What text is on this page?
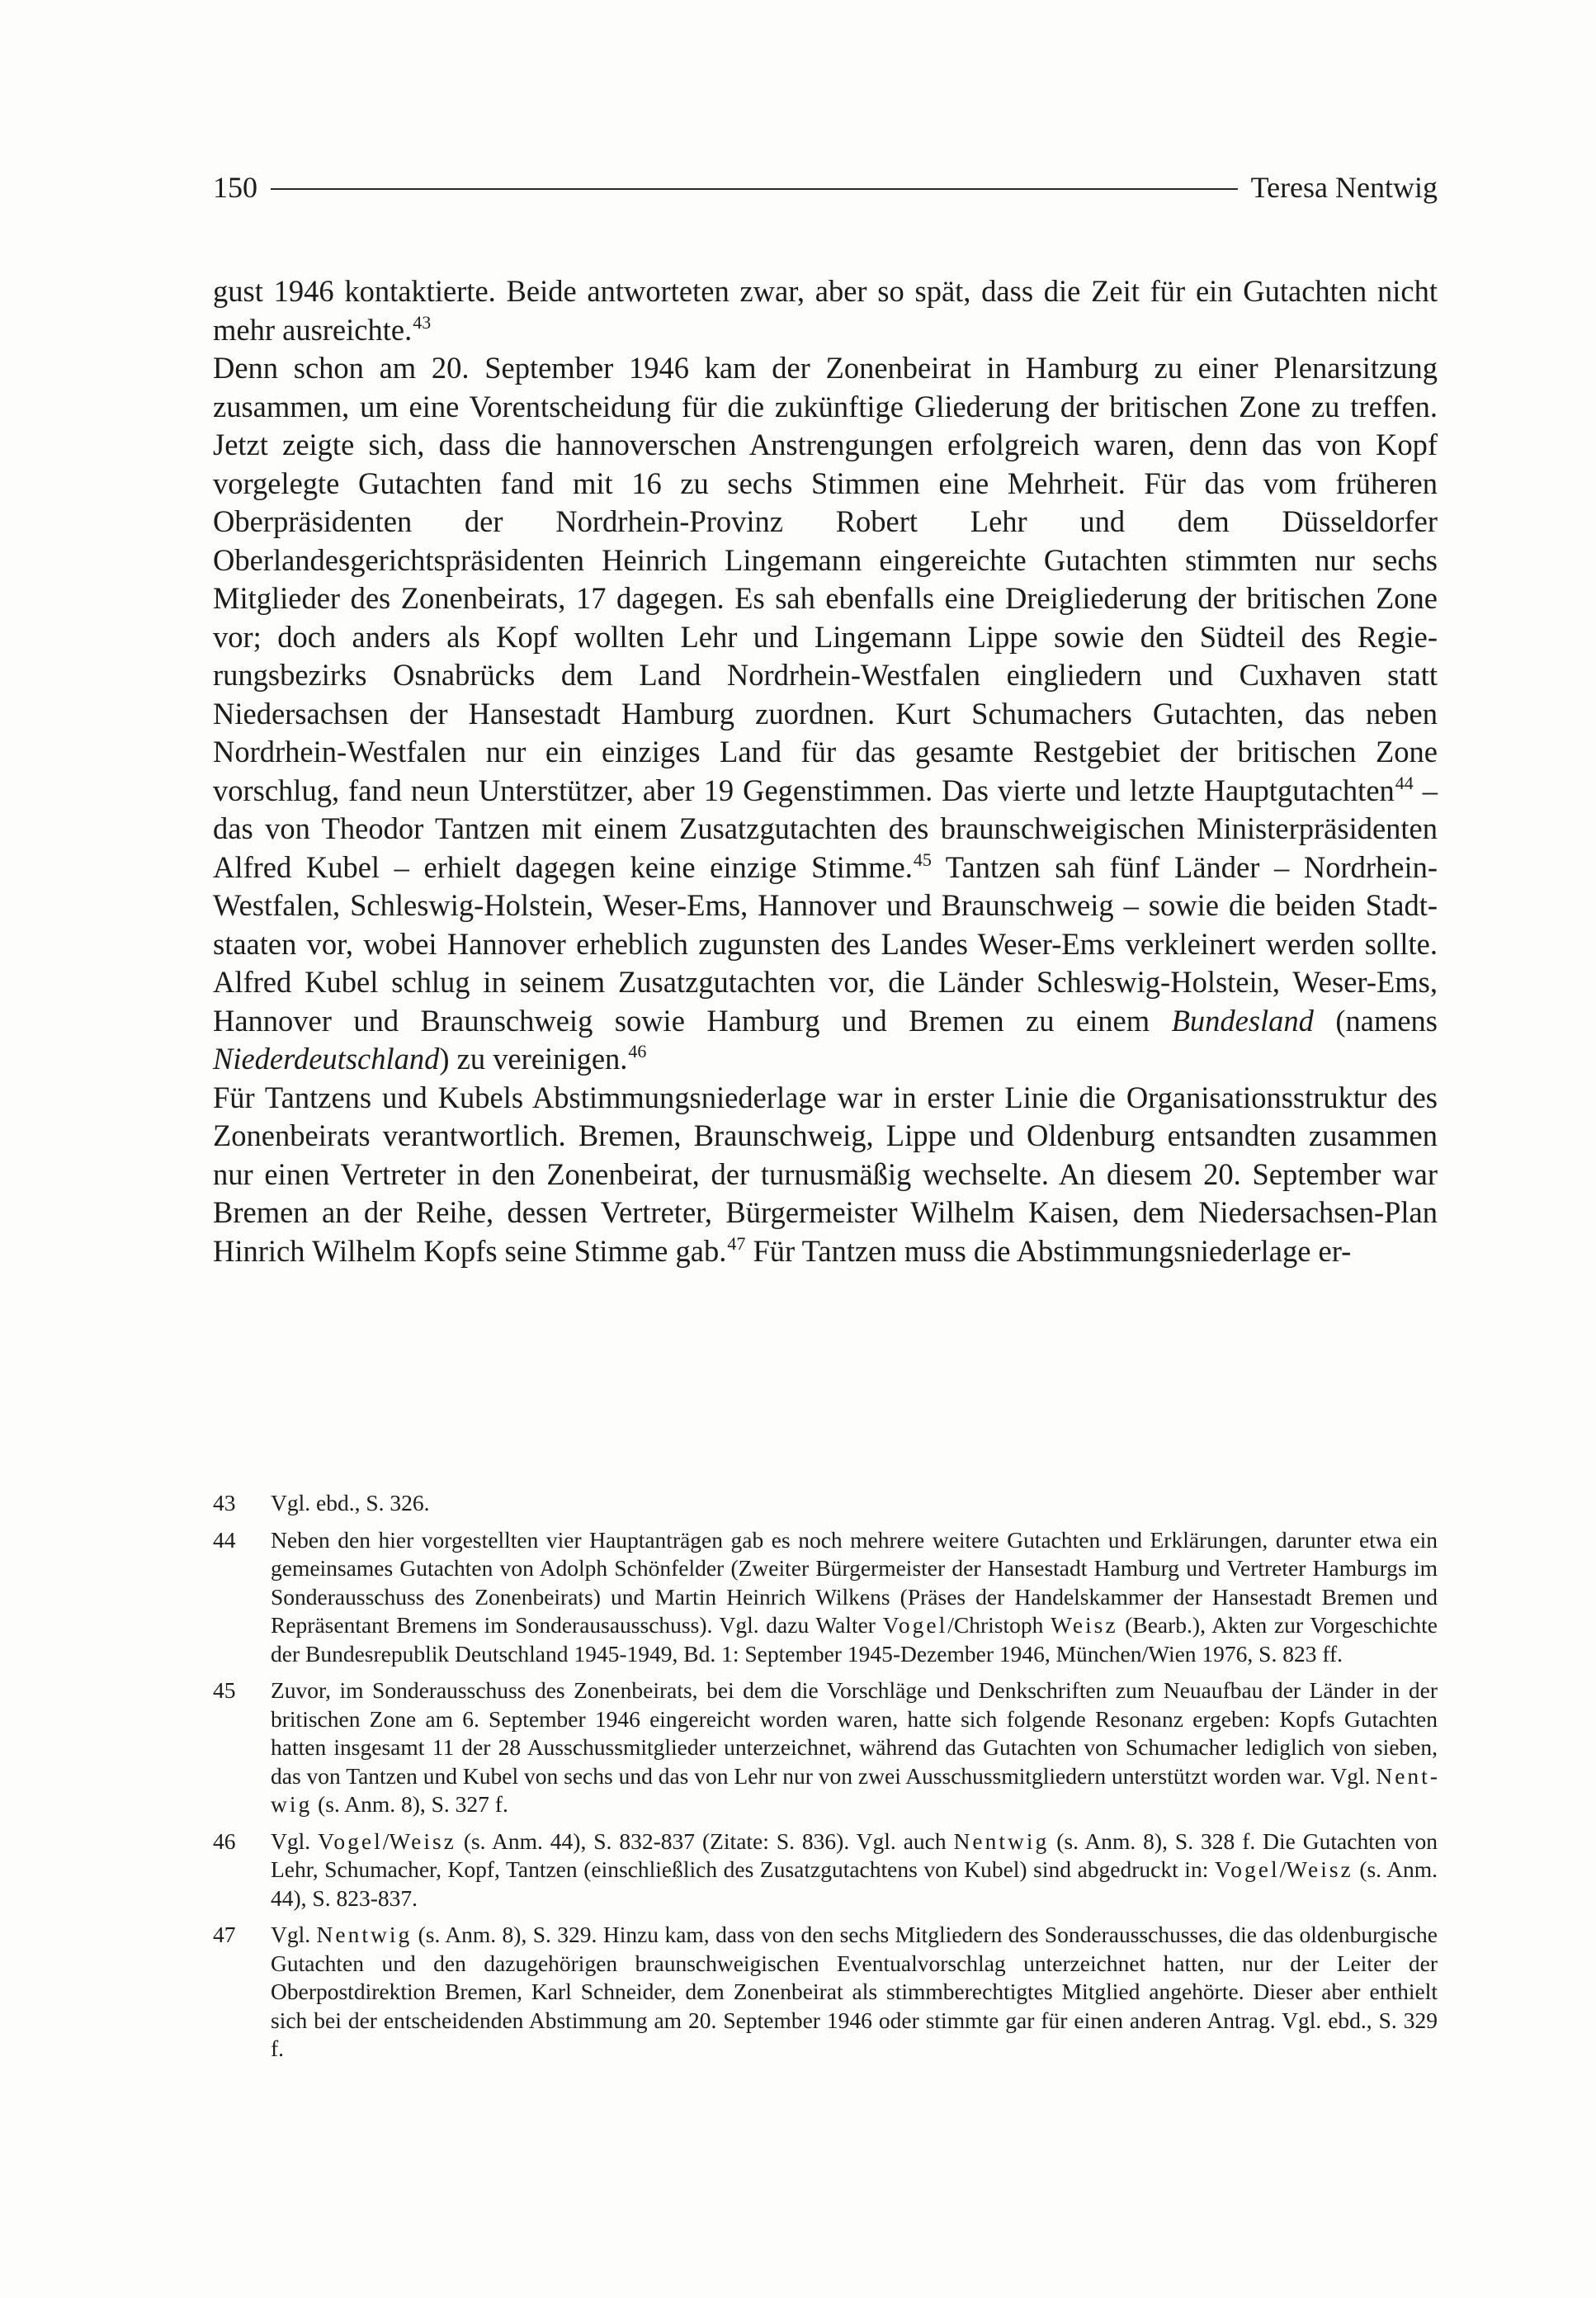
150	Teresa Nentwig

gust 1946 kontaktierte. Beide antworteten zwar, aber so spät, dass die Zeit für ein Gutachten nicht mehr ausreichte.$^{43}$

Denn schon am 20. September 1946 kam der Zonenbeirat in Hamburg zu einer Plenarsitzung zusammen, um eine Vorentscheidung für die zukünftige Gliederung der britischen Zone zu treffen. Jetzt zeigte sich, dass die hannoverschen Anstrengungen erfolgreich waren, denn das von Kopf vorgelegte Gutachten fand mit 16 zu sechs Stimmen eine Mehrheit. Für das vom früheren Oberpräsidenten der Nordrhein-Provinz Robert Lehr und dem Düsseldorfer Oberlandesgerichtspräsidenten Heinrich Lingemann eingereichte Gutachten stimmten nur sechs Mitglieder des Zonenbeirats, 17 dagegen. Es sah ebenfalls eine Dreigliederung der britischen Zone vor; doch anders als Kopf wollten Lehr und Lingemann Lippe sowie den Südteil des Regierungsbezirks Osnabrücks dem Land Nordrhein-Westfalen eingliedern und Cuxhaven statt Niedersachsen der Hansestadt Hamburg zuordnen. Kurt Schumachers Gutachten, das neben Nordrhein-Westfalen nur ein einziges Land für das gesamte Restgebiet der britischen Zone vorschlug, fand neun Unterstützer, aber 19 Gegenstimmen. Das vierte und letzte Hauptgutachten$^{44}$ – das von Theodor Tantzen mit einem Zusatzgutachten des braunschweigischen Ministerpräsidenten Alfred Kubel – erhielt dagegen keine einzige Stimme.$^{45}$ Tantzen sah fünf Länder – Nordrhein-Westfalen, Schleswig-Holstein, Weser-Ems, Hannover und Braunschweig – sowie die beiden Stadtstaaten vor, wobei Hannover erheblich zugunsten des Landes Weser-Ems verkleinert werden sollte. Alfred Kubel schlug in seinem Zusatzgutachten vor, die Länder Schleswig-Holstein, Weser-Ems, Hannover und Braunschweig sowie Hamburg und Bremen zu einem Bundesland (namens Niederdeutschland) zu vereinigen.$^{46}$

Für Tantzens und Kubels Abstimmungsniederlage war in erster Linie die Organisationsstruktur des Zonenbeirats verantwortlich. Bremen, Braunschweig, Lippe und Oldenburg entsandten zusammen nur einen Vertreter in den Zonenbeirat, der turnusmäßig wechselte. An diesem 20. September war Bremen an der Reihe, dessen Vertreter, Bürgermeister Wilhelm Kaisen, dem Niedersachsen-Plan Hinrich Wilhelm Kopfs seine Stimme gab.$^{47}$ Für Tantzen muss die Abstimmungsniederlage er-

43	Vgl. ebd., S. 326.
44	Neben den hier vorgestellten vier Hauptanträgen gab es noch mehrere weitere Gutachten und Erklärungen, darunter etwa ein gemeinsames Gutachten von Adolph Schönfelder (Zweiter Bürgermeister der Hansestadt Hamburg und Vertreter Hamburgs im Sonderausschuss des Zonenbeirats) und Martin Heinrich Wilkens (Präses der Handelskammer der Hansestadt Bremen und Repräsentant Bremens im Sonderausausschuss). Vgl. dazu Walter Vogel/Christoph Weisz (Bearb.), Akten zur Vorgeschichte der Bundesrepublik Deutschland 1945-1949, Bd. 1: September 1945-Dezember 1946, München/Wien 1976, S. 823 ff.
45	Zuvor, im Sonderausschuss des Zonenbeirats, bei dem die Vorschläge und Denkschriften zum Neuaufbau der Länder in der britischen Zone am 6. September 1946 eingereicht worden waren, hatte sich folgende Resonanz ergeben: Kopfs Gutachten hatten insgesamt 11 der 28 Ausschussmitglieder unterzeichnet, während das Gutachten von Schumacher lediglich von sieben, das von Tantzen und Kubel von sechs und das von Lehr nur von zwei Ausschussmitgliedern unterstützt worden war. Vgl. Nentwig (s. Anm. 8), S. 327 f.
46	Vgl. Vogel/Weisz (s. Anm. 44), S. 832-837 (Zitate: S. 836). Vgl. auch Nentwig (s. Anm. 8), S. 328 f. Die Gutachten von Lehr, Schumacher, Kopf, Tantzen (einschließlich des Zusatzgutachtens von Kubel) sind abgedruckt in: Vogel/Weisz (s. Anm. 44), S. 823-837.
47	Vgl. Nentwig (s. Anm. 8), S. 329. Hinzu kam, dass von den sechs Mitgliedern des Sonderausschusses, die das oldenburgische Gutachten und den dazugehörigen braunschweigischen Eventualvorschlag unterzeichnet hatten, nur der Leiter der Oberpostdirektion Bremen, Karl Schneider, dem Zonenbeirat als stimmberechtigtes Mitglied angehörte. Dieser aber enthielt sich bei der entscheidenden Abstimmung am 20. September 1946 oder stimmte gar für einen anderen Antrag. Vgl. ebd., S. 329 f.
